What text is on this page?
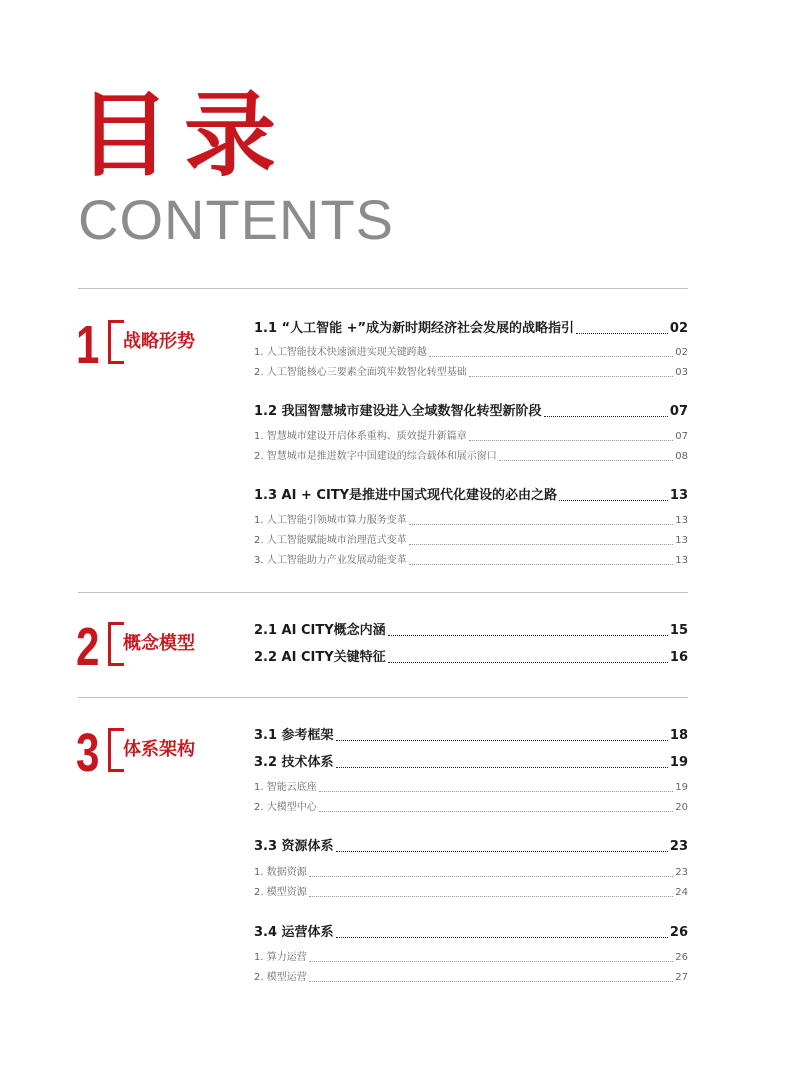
目录
CONTENTS
1	战略形势
1.1 “人工智能 +”成为新时期经济社会发展的战略指引	02
1. 人工智能技术快速演进实现关键跨越	02
2. 人工智能核心三要素全面筑牢数智化转型基础	03
1.2 我国智慧城市建设进入全域数智化转型新阶段	07
1. 智慧城市建设开启体系重构、质效提升新篇章	07
2. 智慧城市是推进数字中国建设的综合载体和展示窗口	08
1.3 AI + CITY是推进中国式现代化建设的必由之路	13
1. 人工智能引领城市算力服务变革	13
2. 人工智能赋能城市治理范式变革	13
3. 人工智能助力产业发展动能变革	13
2	概念模型
2.1 AI CITY概念内涵	15
2.2 AI CITY关键特征	16
3	体系架构
3.1 参考框架	18
3.2 技术体系	19
1. 智能云底座	19
2. 大模型中心	20
3.3 资源体系	23
1. 数据资源	23
2. 模型资源	24
3.4 运营体系	26
1. 算力运营	26
2. 模型运营	27
